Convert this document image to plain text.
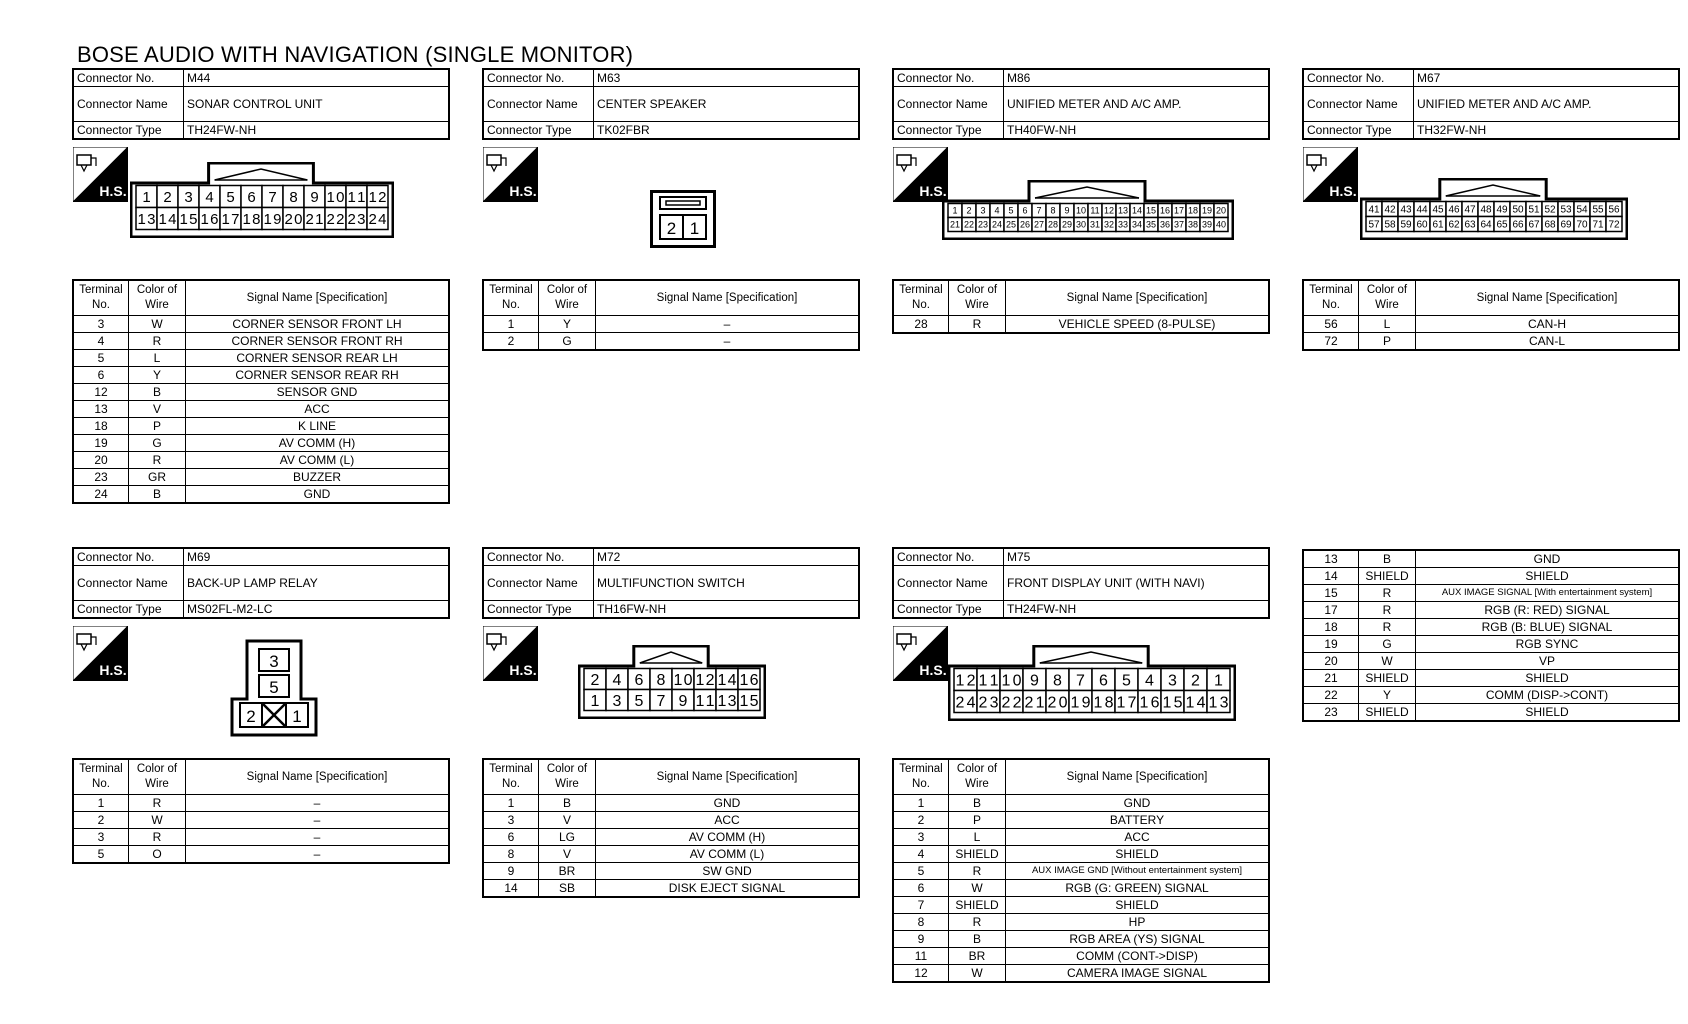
BOSE AUDIO WITH NAVIGATION (SINGLE MONITOR)
Connector No.	M44
Connector Name	SONAR CONTROL UNIT
Connector Type	TH24FW-NH
H.S. 1 2 3 4 5 6 7 8 9 10 11 12
13 14 15 16 17 18 19 20 21 22 23 24
Terminal No.	Color of Wire	Signal Name [Specification]
3	W	CORNER SENSOR FRONT LH
4	R	CORNER SENSOR FRONT RH
5	L	CORNER SENSOR REAR LH
6	Y	CORNER SENSOR REAR RH
12	B	SENSOR GND
13	V	ACC
18	P	K LINE
19	G	AV COMM (H)
20	R	AV COMM (L)
23	GR	BUZZER
24	B	GND
Connector No.	M63
Connector Name	CENTER SPEAKER
Connector Type	TK02FBR
H.S.
2 1
Terminal No.	Color of Wire	Signal Name [Specification]
1	Y	–
2	G	–
Connector No.	M86
Connector Name	UNIFIED METER AND A/C AMP.
Connector Type	TH40FW-NH
H.S.
1 2 3 4 5 6 7 8 9 10 11 12 13 14 15 16 17 18 19 20
21 22 23 24 25 26 27 28 29 30 31 32 33 34 35 36 37 38 39 40
Terminal No.	Color of Wire	Signal Name [Specification]
28	R	VEHICLE SPEED (8-PULSE)
Connector No.	M67
Connector Name	UNIFIED METER AND A/C AMP.
Connector Type	TH32FW-NH
H.S.
41 42 43 44 45 46 47 48 49 50 51 52 53 54 55 56
57 58 59 60 61 62 63 64 65 66 67 68 69 70 71 72
Terminal No.	Color of Wire	Signal Name [Specification]
56	L	CAN-H
72	P	CAN-L
Connector No.	M69
Connector Name	BACK-UP LAMP RELAY
Connector Type	MS02FL-M2-LC
H.S.	3
5
2 1
Terminal No.	Color of Wire	Signal Name [Specification]
1	R	–
2	W	–
3	R	–
5	O	–
Connector No.	M72
Connector Name	MULTIFUNCTION SWITCH
Connector Type	TH16FW-NH
H.S.
2 4 6 8 10 12 14 16
1 3 5 7 9 11 13 15
Terminal No.	Color of Wire	Signal Name [Specification]
1	B	GND
3	V	ACC
6	LG	AV COMM (H)
8	V	AV COMM (L)
9	BR	SW GND
14	SB	DISK EJECT SIGNAL
Connector No.	M75
Connector Name	FRONT DISPLAY UNIT (WITH NAVI)
Connector Type	TH24FW-NH
H.S.
12 11 10 9 8 7 6 5 4 3 2 1
24 23 22 21 20 19 18 17 16 15 14 13
Terminal No.	Color of Wire	Signal Name [Specification]
1	B	GND
2	P	BATTERY
3	L	ACC
4	SHIELD	SHIELD
5	R	AUX IMAGE GND [Without entertainment system]
6	W	RGB (G: GREEN) SIGNAL
7	SHIELD	SHIELD
8	R	HP
9	B	RGB AREA (YS) SIGNAL
11	BR	COMM (CONT->DISP)
12	W	CAMERA IMAGE SIGNAL
13	B	GND
14	SHIELD	SHIELD
15	R	AUX IMAGE SIGNAL [With entertainment system]
17	R	RGB (R: RED) SIGNAL
18	R	RGB (B: BLUE) SIGNAL
19	G	RGB SYNC
20	W	VP
21	SHIELD	SHIELD
22	Y	COMM (DISP->CONT)
23	SHIELD	SHIELD
